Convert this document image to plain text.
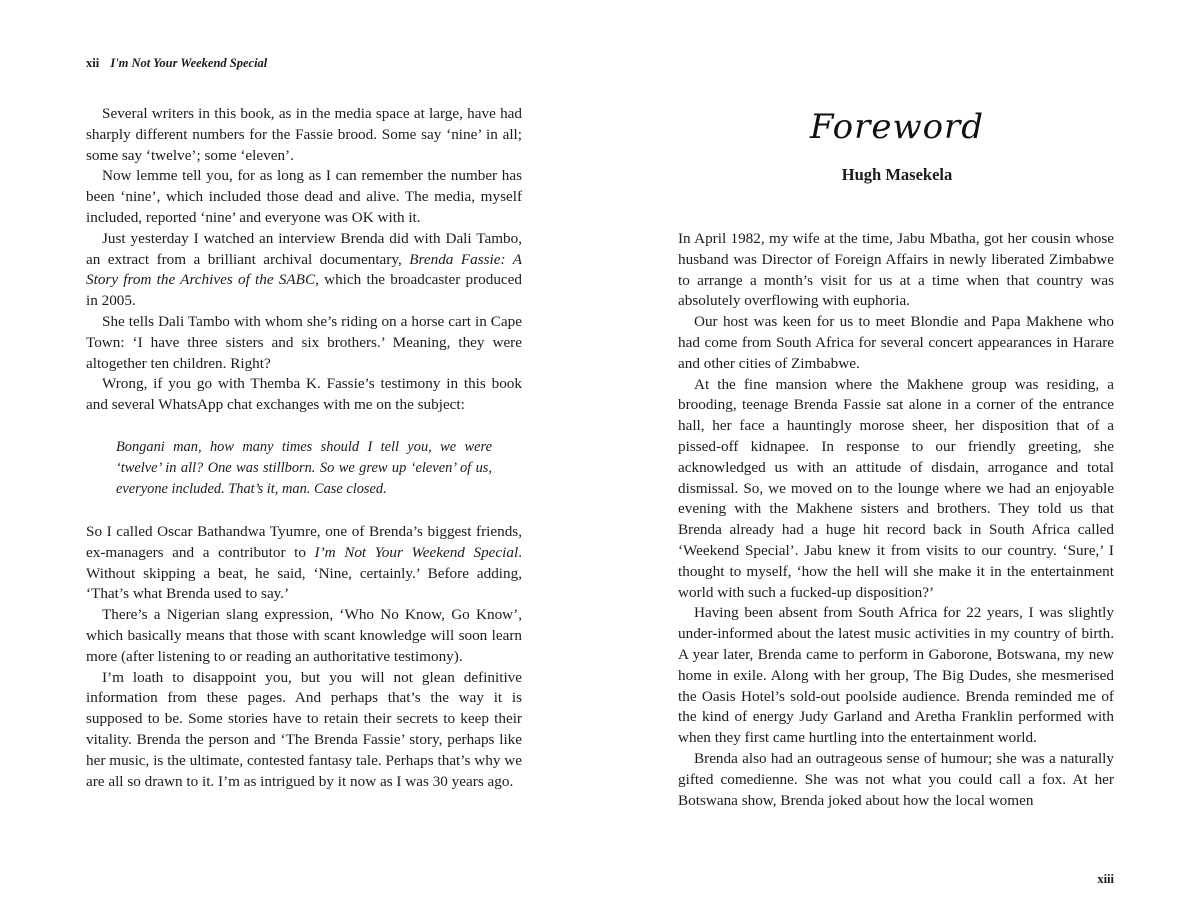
xii I'm Not Your Weekend Special

Several writers in this book, as in the media space at large, have had sharply different numbers for the Fassie brood. Some say ‘nine’ in all; some say ‘twelve’; some ‘eleven’.

Now lemme tell you, for as long as I can remember the number has been ‘nine’, which included those dead and alive. The media, myself included, reported ‘nine’ and everyone was OK with it.

Just yesterday I watched an interview Brenda did with Dali Tambo, an extract from a brilliant archival documentary, Brenda Fassie: A Story from the Archives of the SABC, which the broadcaster produced in 2005.

She tells Dali Tambo with whom she’s riding on a horse cart in Cape Town: ‘I have three sisters and six brothers.’ Meaning, they were altogether ten children. Right?

Wrong, if you go with Themba K. Fassie’s testimony in this book and several WhatsApp chat exchanges with me on the subject:

Bongani man, how many times should I tell you, we were ‘twelve’ in all? One was stillborn. So we grew up ‘eleven’ of us, everyone included. That’s it, man. Case closed.

So I called Oscar Bathandwa Tyumre, one of Brenda’s biggest friends, ex-managers and a contributor to I’m Not Your Weekend Special. Without skipping a beat, he said, ‘Nine, certainly.’ Before adding, ‘That’s what Brenda used to say.’

There’s a Nigerian slang expression, ‘Who No Know, Go Know’, which basically means that those with scant knowledge will soon learn more (after listening to or reading an authoritative testimony).

I’m loath to disappoint you, but you will not glean definitive information from these pages. And perhaps that’s the way it is supposed to be. Some stories have to retain their secrets to keep their vitality. Brenda the person and ‘The Brenda Fassie’ story, perhaps like her music, is the ultimate, contested fantasy tale. Perhaps that’s why we are all so drawn to it. I’m as intrigued by it now as I was 30 years ago.

Foreword
Hugh Masekela

In April 1982, my wife at the time, Jabu Mbatha, got her cousin whose husband was Director of Foreign Affairs in newly liberated Zimbabwe to arrange a month’s visit for us at a time when that country was absolutely overflowing with euphoria.

Our host was keen for us to meet Blondie and Papa Makhene who had come from South Africa for several concert appearances in Harare and other cities of Zimbabwe.

At the fine mansion where the Makhene group was residing, a brooding, teenage Brenda Fassie sat alone in a corner of the entrance hall, her face a hauntingly morose sheer, her disposition that of a pissed-off kidnapee. In response to our friendly greeting, she acknowledged us with an attitude of disdain, arrogance and total dismissal. So, we moved on to the lounge where we had an enjoyable evening with the Makhene sisters and brothers. They told us that Brenda already had a huge hit record back in South Africa called ‘Weekend Special’. Jabu knew it from visits to our country. ‘Sure,’ I thought to myself, ‘how the hell will she make it in the entertainment world with such a fucked-up disposition?’

Having been absent from South Africa for 22 years, I was slightly under-informed about the latest music activities in my country of birth. A year later, Brenda came to perform in Gaborone, Botswana, my new home in exile. Along with her group, The Big Dudes, she mesmerised the Oasis Hotel’s sold-out poolside audience. Brenda reminded me of the kind of energy Judy Garland and Aretha Franklin performed with when they first came hurtling into the entertainment world.

Brenda also had an outrageous sense of humour; she was a naturally gifted comedienne. She was not what you could call a fox. At her Botswana show, Brenda joked about how the local women

xiii
